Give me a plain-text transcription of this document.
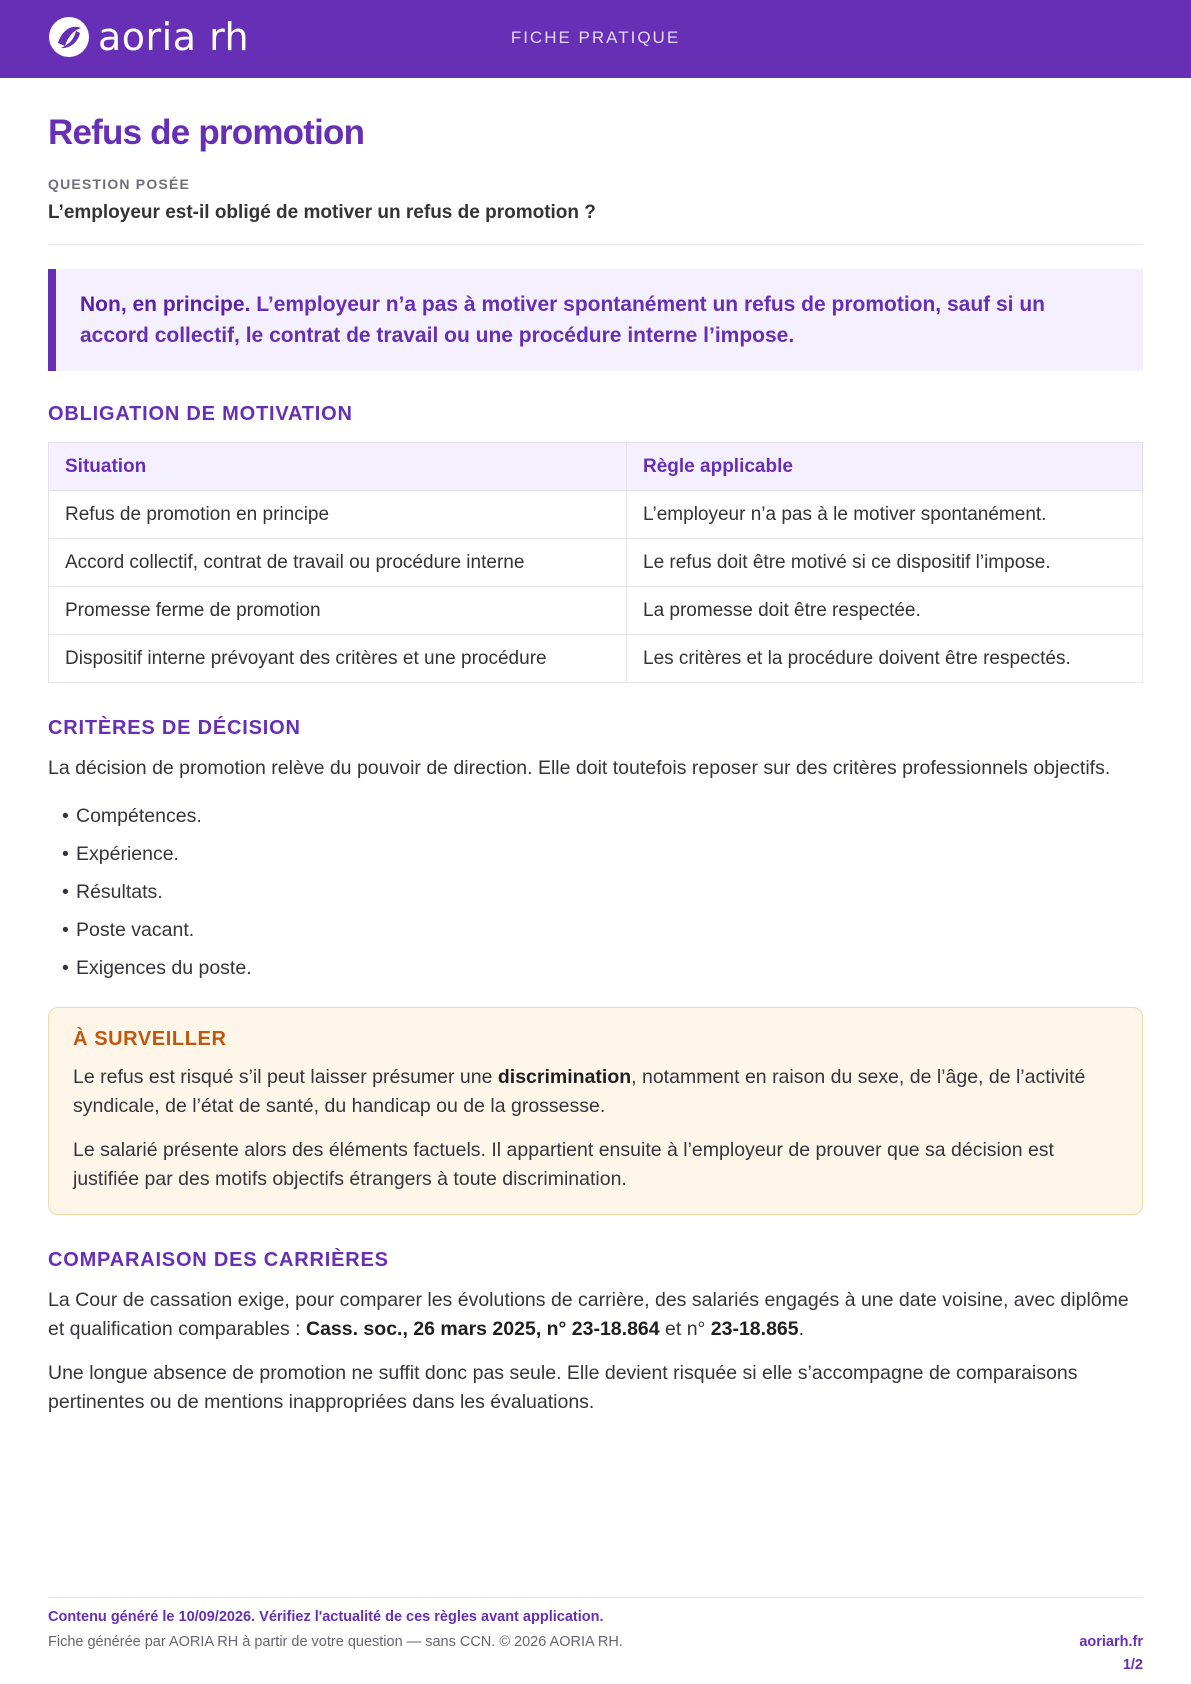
aoria rh	FICHE PRATIQUE
Refus de promotion
QUESTION POSÉE
L’employeur est-il obligé de motiver un refus de promotion ?
Non, en principe. L’employeur n’a pas à motiver spontanément un refus de promotion, sauf si un accord collectif, le contrat de travail ou une procédure interne l’impose.
OBLIGATION DE MOTIVATION
Situation	Règle applicable
Refus de promotion en principe	L’employeur n’a pas à le motiver spontanément.
Accord collectif, contrat de travail ou procédure interne	Le refus doit être motivé si ce dispositif l’impose.
Promesse ferme de promotion	La promesse doit être respectée.
Dispositif interne prévoyant des critères et une procédure	Les critères et la procédure doivent être respectés.
CRITÈRES DE DÉCISION

La décision de promotion relève du pouvoir de direction. Elle doit toutefois reposer sur des critères professionnels objectifs.

• Compétences.
• Expérience.
• Résultats.
• Poste vacant.
• Exigences du poste.
À SURVEILLER

Le refus est risqué s’il peut laisser présumer une discrimination, notamment en raison du sexe, de l’âge, de l’activité syndicale, de l’état de santé, du handicap ou de la grossesse.

Le salarié présente alors des éléments factuels. Il appartient ensuite à l’employeur de prouver que sa décision est justifiée par des motifs objectifs étrangers à toute discrimination.

COMPARAISON DES CARRIÈRES

La Cour de cassation exige, pour comparer les évolutions de carrière, des salariés engagés à une date voisine, avec diplôme et qualification comparables : Cass. soc., 26 mars 2025, n° 23-18.864 et n° 23-18.865.

Une longue absence de promotion ne suffit donc pas seule. Elle devient risquée si elle s’accompagne de comparaisons pertinentes ou de mentions inappropriées dans les évaluations.

Contenu généré le 10/09/2026. Vérifiez l'actualité de ces règles avant application.
Fiche générée par AORIA RH à partir de votre question — sans CCN. © 2026 AORIA RH.	aoriarh.fr
1/2
